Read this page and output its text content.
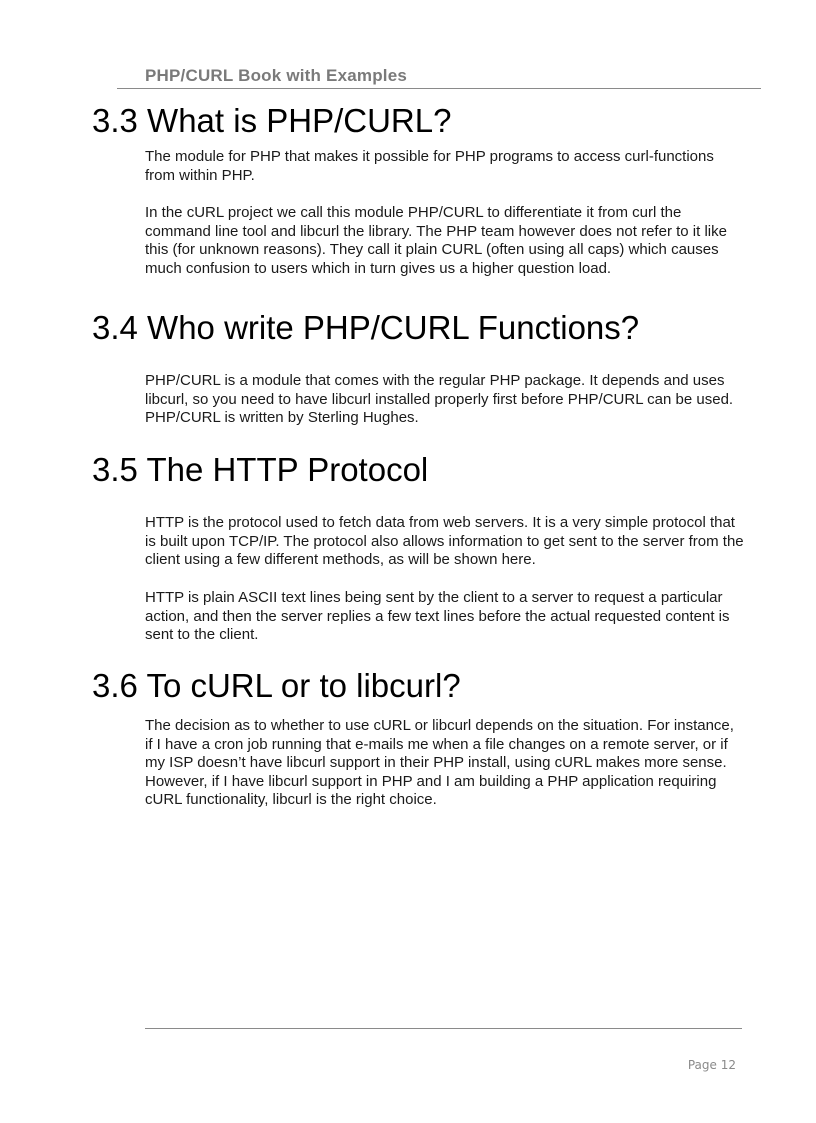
PHP/CURL Book with Examples
3.3 What is PHP/CURL?

The module for PHP that makes it possible for PHP programs to access curl-functions from within PHP.

In the cURL project we call this module PHP/CURL to differentiate it from curl the command line tool and libcurl the library. The PHP team however does not refer to it like this (for unknown reasons). They call it plain CURL (often using all caps) which causes much confusion to users which in turn gives us a higher question load.

3.4 Who write PHP/CURL Functions?

PHP/CURL is a module that comes with the regular PHP package. It depends and uses libcurl, so you need to have libcurl installed properly first before PHP/CURL can be used. PHP/CURL is written by Sterling Hughes.

3.5 The HTTP Protocol

HTTP is the protocol used to fetch data from web servers. It is a very simple protocol that is built upon TCP/IP. The protocol also allows information to get sent to the server from the client using a few different methods, as will be shown here.

HTTP is plain ASCII text lines being sent by the client to a server to request a particular action, and then the server replies a few text lines before the actual requested content is sent to the client.

3.6 To cURL or to libcurl?

The decision as to whether to use cURL or libcurl depends on the situation. For instance, if I have a cron job running that e-mails me when a file changes on a remote server, or if my ISP doesn’t have libcurl support in their PHP install, using cURL makes more sense. However, if I have libcurl support in PHP and I am building a PHP application requiring cURL functionality, libcurl is the right choice.

Page 12
